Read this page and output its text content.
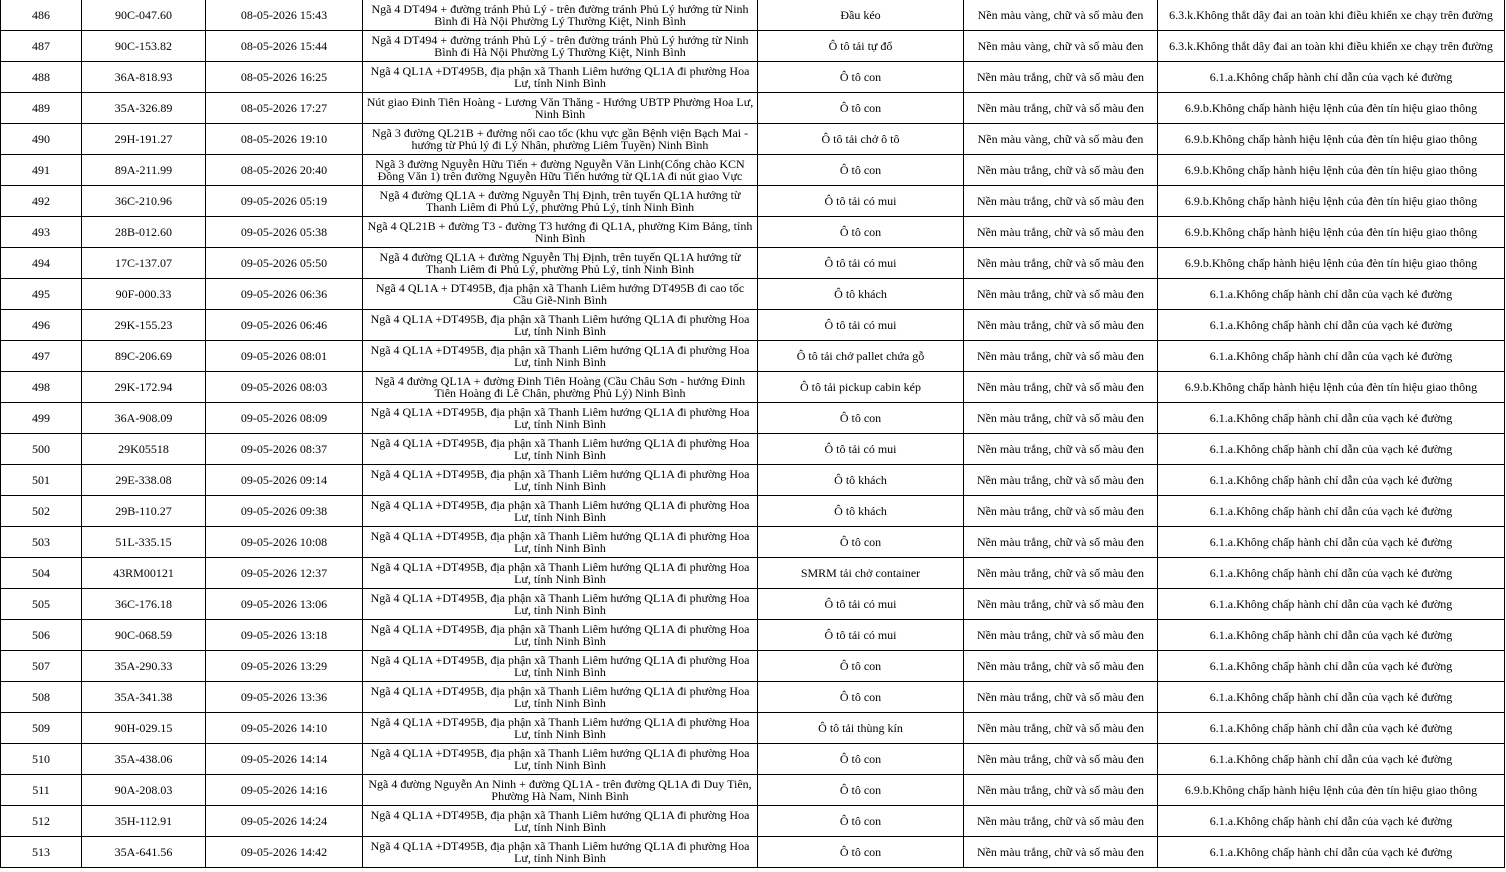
486	90C-047.60	08-05-2026 15:43	Ngã 4 DT494 + đường tránh Phủ Lý - trên đường tránh Phủ Lý hướng từ Ninh Bình đi Hà Nội Phường Lý Thường Kiệt, Ninh Bình	Đầu kéo	Nền màu vàng, chữ và số màu đen	6.3.k.Không thắt dây đai an toàn khi điều khiển xe chạy trên đường
487	90C-153.82	08-05-2026 15:44	Ngã 4 DT494 + đường tránh Phủ Lý - trên đường tránh Phủ Lý hướng từ Ninh Bình đi Hà Nội Phường Lý Thường Kiệt, Ninh Bình	Ô tô tải tự đổ	Nền màu vàng, chữ và số màu đen	6.3.k.Không thắt dây đai an toàn khi điều khiển xe chạy trên đường
488	36A-818.93	08-05-2026 16:25	Ngã 4 QL1A +DT495B, địa phận xã Thanh Liêm hướng QL1A đi phường Hoa Lư, tỉnh Ninh Bình	Ô tô con	Nền màu trắng, chữ và số màu đen	6.1.a.Không chấp hành chỉ dẫn của vạch kẻ đường
489	35A-326.89	08-05-2026 17:27	Nút giao Đinh Tiên Hoàng - Lương Văn Thăng - Hướng UBTP Phường Hoa Lư, Ninh Bình	Ô tô con	Nền màu trắng, chữ và số màu đen	6.9.b.Không chấp hành hiệu lệnh của đèn tín hiệu giao thông
490	29H-191.27	08-05-2026 19:10	Ngã 3 đường QL21B + đường nối cao tốc (khu vực gần Bệnh viện Bạch Mai - hướng từ Phủ lý đi Lý Nhân, phường Liêm Tuyền) Ninh Bình	Ô tô tải chở ô tô	Nền màu vàng, chữ và số màu đen	6.9.b.Không chấp hành hiệu lệnh của đèn tín hiệu giao thông
491	89A-211.99	08-05-2026 20:40	Ngã 3 đường Nguyễn Hữu Tiến + đường Nguyễn Văn Linh(Cổng chào KCN Đồng Văn 1) trên đường Nguyễn Hữu Tiến hướng từ QL1A đi nút giao Vực	Ô tô con	Nền màu trắng, chữ và số màu đen	6.9.b.Không chấp hành hiệu lệnh của đèn tín hiệu giao thông
492	36C-210.96	09-05-2026 05:19	Ngã 4 đường QL1A + đường Nguyễn Thị Định, trên tuyến QL1A hướng từ Thanh Liêm đi Phủ Lý, phường Phủ Lý, tỉnh Ninh Bình	Ô tô tải có mui	Nền màu trắng, chữ và số màu đen	6.9.b.Không chấp hành hiệu lệnh của đèn tín hiệu giao thông
493	28B-012.60	09-05-2026 05:38	Ngã 4 QL21B + đường T3 - đường T3 hướng đi QL1A, phường Kim Bảng, tỉnh Ninh Bình	Ô tô con	Nền màu trắng, chữ và số màu đen	6.9.b.Không chấp hành hiệu lệnh của đèn tín hiệu giao thông
494	17C-137.07	09-05-2026 05:50	Ngã 4 đường QL1A + đường Nguyễn Thị Định, trên tuyến QL1A hướng từ Thanh Liêm đi Phủ Lý, phường Phủ Lý, tỉnh Ninh Bình	Ô tô tải có mui	Nền màu trắng, chữ và số màu đen	6.9.b.Không chấp hành hiệu lệnh của đèn tín hiệu giao thông
495	90F-000.33	09-05-2026 06:36	Ngã 4 QL1A + DT495B, địa phận xã Thanh Liêm hướng DT495B đi cao tốc Cầu Giẽ-Ninh Bình	Ô tô khách	Nền màu trắng, chữ và số màu đen	6.1.a.Không chấp hành chỉ dẫn của vạch kẻ đường
496	29K-155.23	09-05-2026 06:46	Ngã 4 QL1A +DT495B, địa phận xã Thanh Liêm hướng QL1A đi phường Hoa Lư, tỉnh Ninh Bình	Ô tô tải có mui	Nền màu trắng, chữ và số màu đen	6.1.a.Không chấp hành chỉ dẫn của vạch kẻ đường
497	89C-206.69	09-05-2026 08:01	Ngã 4 QL1A +DT495B, địa phận xã Thanh Liêm hướng QL1A đi phường Hoa Lư, tỉnh Ninh Bình	Ô tô tải chở pallet chứa gỗ	Nền màu trắng, chữ và số màu đen	6.1.a.Không chấp hành chỉ dẫn của vạch kẻ đường
498	29K-172.94	09-05-2026 08:03	Ngã 4 đường QL1A + đường Đinh Tiên Hoàng (Cầu Châu Sơn - hướng Đinh Tiên Hoàng đi Lê Chân, phường Phủ Lý) Ninh Bình	Ô tô tải pickup cabin kép	Nền màu trắng, chữ và số màu đen	6.9.b.Không chấp hành hiệu lệnh của đèn tín hiệu giao thông
499	36A-908.09	09-05-2026 08:09	Ngã 4 QL1A +DT495B, địa phận xã Thanh Liêm hướng QL1A đi phường Hoa Lư, tỉnh Ninh Bình	Ô tô con	Nền màu trắng, chữ và số màu đen	6.1.a.Không chấp hành chỉ dẫn của vạch kẻ đường
500	29K05518	09-05-2026 08:37	Ngã 4 QL1A +DT495B, địa phận xã Thanh Liêm hướng QL1A đi phường Hoa Lư, tỉnh Ninh Bình	Ô tô tải có mui	Nền màu trắng, chữ và số màu đen	6.1.a.Không chấp hành chỉ dẫn của vạch kẻ đường
501	29E-338.08	09-05-2026 09:14	Ngã 4 QL1A +DT495B, địa phận xã Thanh Liêm hướng QL1A đi phường Hoa Lư, tỉnh Ninh Bình	Ô tô khách	Nền màu trắng, chữ và số màu đen	6.1.a.Không chấp hành chỉ dẫn của vạch kẻ đường
502	29B-110.27	09-05-2026 09:38	Ngã 4 QL1A +DT495B, địa phận xã Thanh Liêm hướng QL1A đi phường Hoa Lư, tỉnh Ninh Bình	Ô tô khách	Nền màu trắng, chữ và số màu đen	6.1.a.Không chấp hành chỉ dẫn của vạch kẻ đường
503	51L-335.15	09-05-2026 10:08	Ngã 4 QL1A +DT495B, địa phận xã Thanh Liêm hướng QL1A đi phường Hoa Lư, tỉnh Ninh Bình	Ô tô con	Nền màu trắng, chữ và số màu đen	6.1.a.Không chấp hành chỉ dẫn của vạch kẻ đường
504	43RM00121	09-05-2026 12:37	Ngã 4 QL1A +DT495B, địa phận xã Thanh Liêm hướng QL1A đi phường Hoa Lư, tỉnh Ninh Bình	SMRM tải chở container	Nền màu trắng, chữ và số màu đen	6.1.a.Không chấp hành chỉ dẫn của vạch kẻ đường
505	36C-176.18	09-05-2026 13:06	Ngã 4 QL1A +DT495B, địa phận xã Thanh Liêm hướng QL1A đi phường Hoa Lư, tỉnh Ninh Bình	Ô tô tải có mui	Nền màu trắng, chữ và số màu đen	6.1.a.Không chấp hành chỉ dẫn của vạch kẻ đường
506	90C-068.59	09-05-2026 13:18	Ngã 4 QL1A +DT495B, địa phận xã Thanh Liêm hướng QL1A đi phường Hoa Lư, tỉnh Ninh Bình	Ô tô tải có mui	Nền màu trắng, chữ và số màu đen	6.1.a.Không chấp hành chỉ dẫn của vạch kẻ đường
507	35A-290.33	09-05-2026 13:29	Ngã 4 QL1A +DT495B, địa phận xã Thanh Liêm hướng QL1A đi phường Hoa Lư, tỉnh Ninh Bình	Ô tô con	Nền màu trắng, chữ và số màu đen	6.1.a.Không chấp hành chỉ dẫn của vạch kẻ đường
508	35A-341.38	09-05-2026 13:36	Ngã 4 QL1A +DT495B, địa phận xã Thanh Liêm hướng QL1A đi phường Hoa Lư, tỉnh Ninh Bình	Ô tô con	Nền màu trắng, chữ và số màu đen	6.1.a.Không chấp hành chỉ dẫn của vạch kẻ đường
509	90H-029.15	09-05-2026 14:10	Ngã 4 QL1A +DT495B, địa phận xã Thanh Liêm hướng QL1A đi phường Hoa Lư, tỉnh Ninh Bình	Ô tô tải thùng kín	Nền màu trắng, chữ và số màu đen	6.1.a.Không chấp hành chỉ dẫn của vạch kẻ đường
510	35A-438.06	09-05-2026 14:14	Ngã 4 QL1A +DT495B, địa phận xã Thanh Liêm hướng QL1A đi phường Hoa Lư, tỉnh Ninh Bình	Ô tô con	Nền màu trắng, chữ và số màu đen	6.1.a.Không chấp hành chỉ dẫn của vạch kẻ đường
511	90A-208.03	09-05-2026 14:16	Ngã 4 đường Nguyễn An Ninh + đường QL1A - trên đường QL1A đi Duy Tiên, Phường Hà Nam, Ninh Bình	Ô tô con	Nền màu trắng, chữ và số màu đen	6.9.b.Không chấp hành hiệu lệnh của đèn tín hiệu giao thông
512	35H-112.91	09-05-2026 14:24	Ngã 4 QL1A +DT495B, địa phận xã Thanh Liêm hướng QL1A đi phường Hoa Lư, tỉnh Ninh Bình	Ô tô con	Nền màu trắng, chữ và số màu đen	6.1.a.Không chấp hành chỉ dẫn của vạch kẻ đường
513	35A-641.56	09-05-2026 14:42	Ngã 4 QL1A +DT495B, địa phận xã Thanh Liêm hướng QL1A đi phường Hoa Lư, tỉnh Ninh Bình	Ô tô con	Nền màu trắng, chữ và số màu đen	6.1.a.Không chấp hành chỉ dẫn của vạch kẻ đường
